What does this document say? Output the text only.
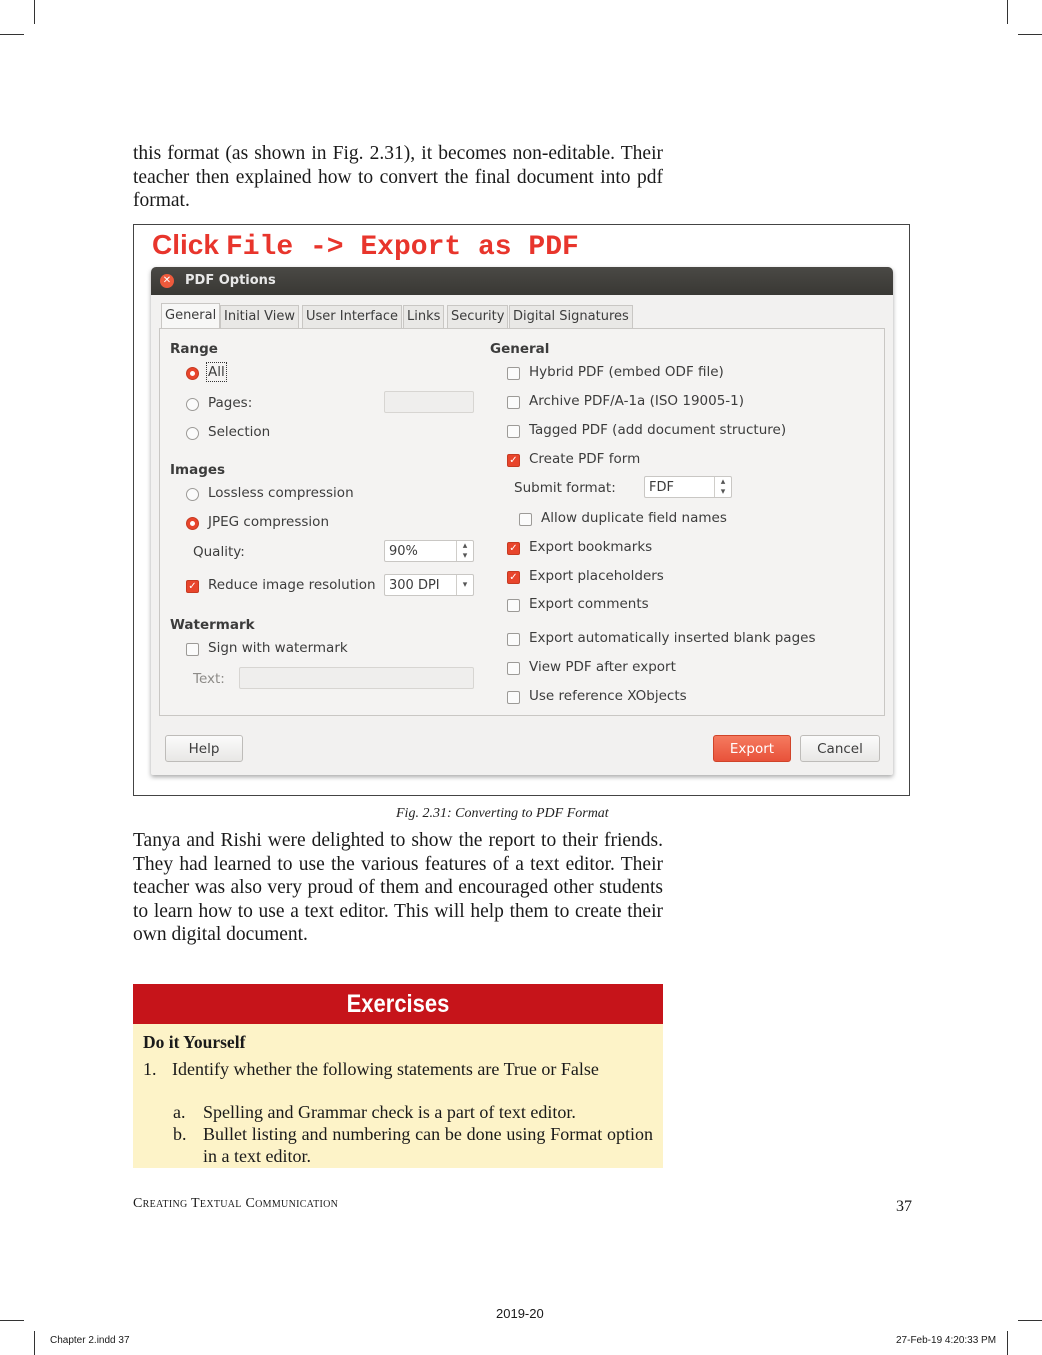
this format (as shown in Fig. 2.31), it becomes non-editable. Their teacher then explained how to convert the final document into pdf format.

Click File -> Export as PDF
✕ PDF Options
General Initial View User Interface Links Security Digital Signatures
Range
All
Pages:
Selection
Images
Lossless compression
JPEG compression
Quality:	90%	▴
▾
✓ Reduce image resolution	300 DPI	▾
Watermark
Sign with watermark
Text:
General
Hybrid PDF (embed ODF file)
Archive PDF/A-1a (ISO 19005-1)
Tagged PDF (add document structure)
✓ Create PDF form
Submit format:	FDF	▴
▾
Allow duplicate field names
✓ Export bookmarks
✓ Export placeholders
Export comments
Export automatically inserted blank pages
View PDF after export
Use reference XObjects
Help	Export	Cancel
Fig. 2.31: Converting to PDF Format

Tanya and Rishi were delighted to show the report to their friends. They had learned to use the various features of a text editor. Their teacher was also very proud of them and encouraged other students to learn how to use a text editor. This will help them to create their own digital document.

Exercises
Do it Yourself
1. Identify whether the following statements are True or False
a. Spelling and Grammar check is a part of text editor.
b. Bullet listing and numbering can be done using Format option in a text editor.
Creating Textual Communication	37
2019-20
Chapter 2.indd 37	27-Feb-19 4:20:33 PM
